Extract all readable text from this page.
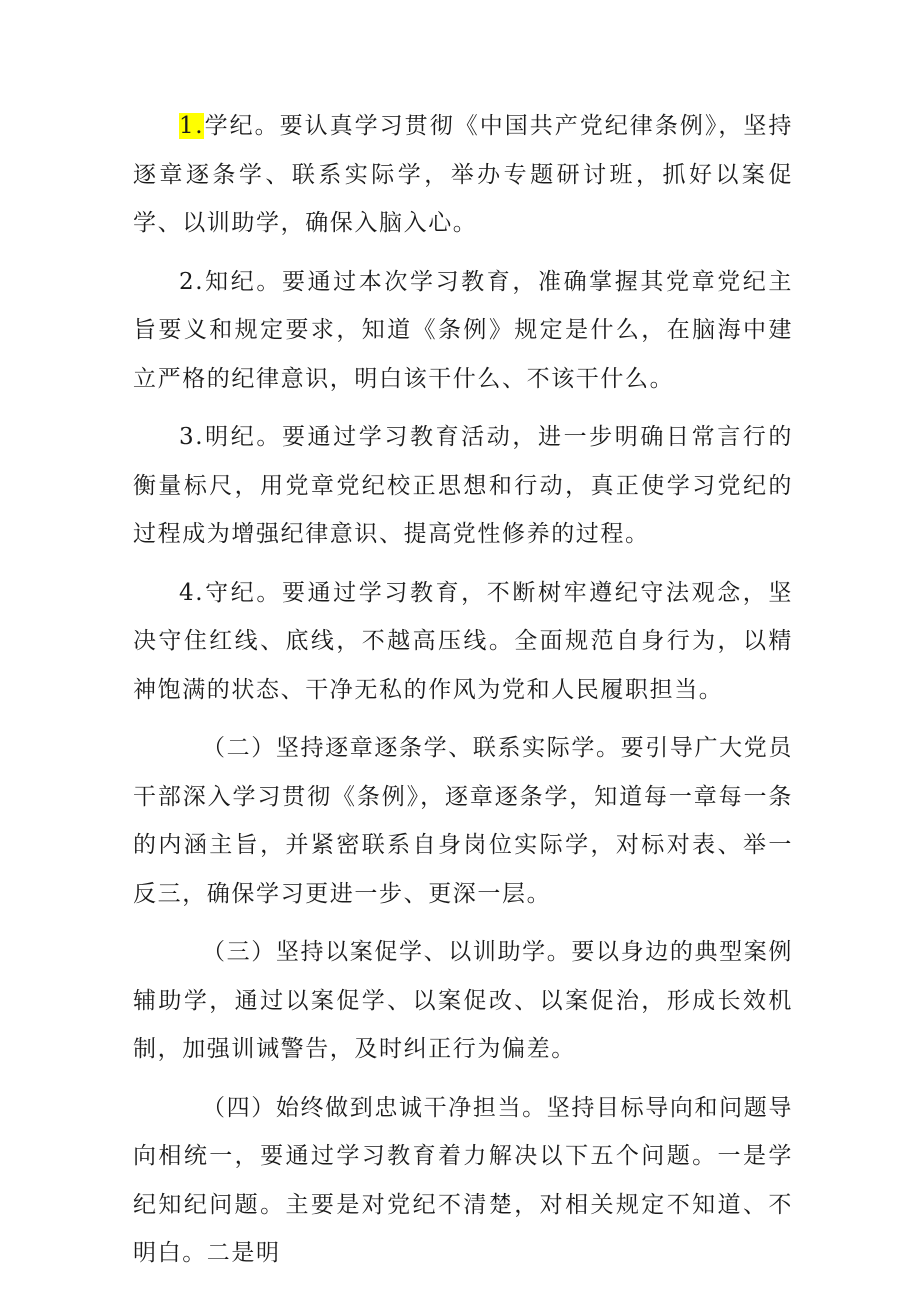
1.学纪。要认真学习贯彻《中国共产党纪律条例》，坚持逐章逐条学、联系实际学，举办专题研讨班，抓好以案促学、以训助学，确保入脑入心。

2.知纪。要通过本次学习教育，准确掌握其党章党纪主旨要义和规定要求，知道《条例》规定是什么，在脑海中建立严格的纪律意识，明白该干什么、不该干什么。

3.明纪。要通过学习教育活动，进一步明确日常言行的衡量标尺，用党章党纪校正思想和行动，真正使学习党纪的过程成为增强纪律意识、提高党性修养的过程。

4.守纪。要通过学习教育，不断树牢遵纪守法观念，坚决守住红线、底线，不越高压线。全面规范自身行为，以精神饱满的状态、干净无私的作风为党和人民履职担当。

（二）坚持逐章逐条学、联系实际学。要引导广大党员干部深入学习贯彻《条例》，逐章逐条学，知道每一章每一条的内涵主旨，并紧密联系自身岗位实际学，对标对表、举一反三，确保学习更进一步、更深一层。

（三）坚持以案促学、以训助学。要以身边的典型案例辅助学，通过以案促学、以案促改、以案促治，形成长效机制，加强训诫警告，及时纠正行为偏差。

（四）始终做到忠诚干净担当。坚持目标导向和问题导向相统一，要通过学习教育着力解决以下五个问题。一是学纪知纪问题。主要是对党纪不清楚，对相关规定不知道、不明白。二是明
